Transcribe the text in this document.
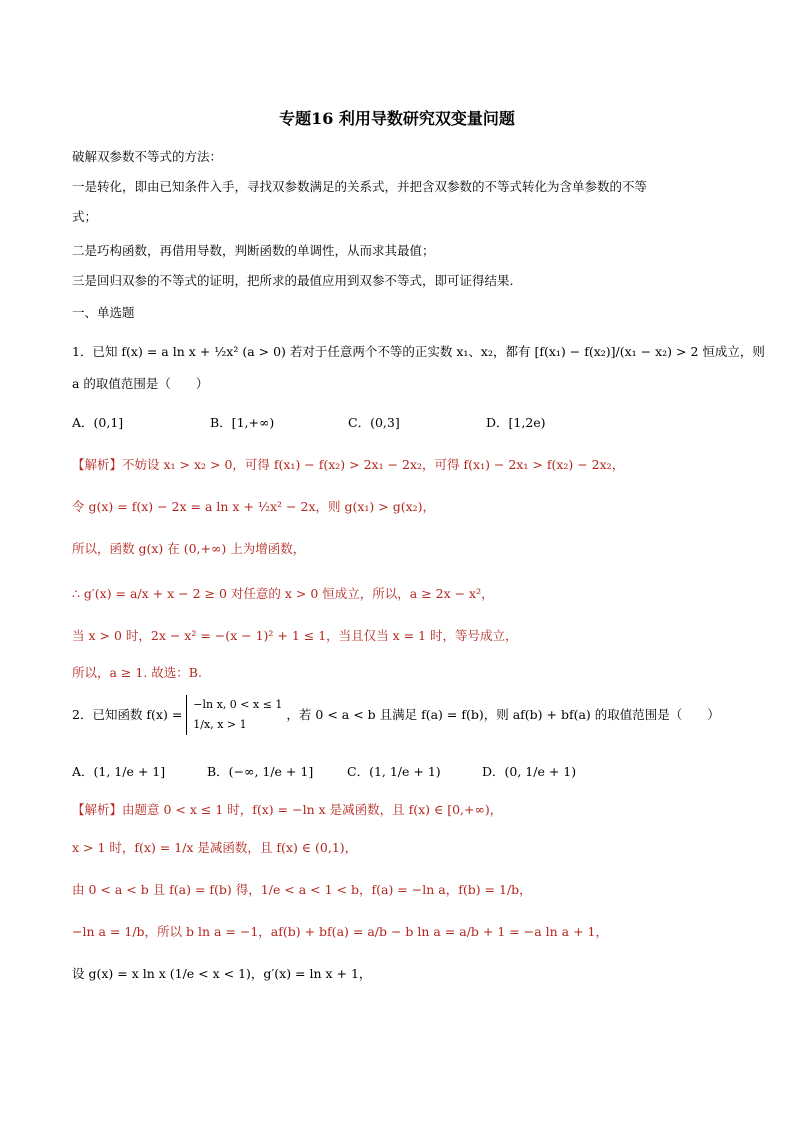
专题16 利用导数研究双变量问题
破解双参数不等式的方法：
一是转化，即由已知条件入手，寻找双参数满足的关系式，并把含双参数的不等式转化为含单参数的不等
式；
二是巧构函数，再借用导数，判断函数的单调性，从而求其最值；
三是回归双参的不等式的证明，把所求的最值应用到双参不等式，即可证得结果.
一、单选题
1．已知 f(x) = a ln x + ½x² (a > 0) 若对于任意两个不等的正实数 x₁、x₂，都有 [f(x₁) − f(x₂)]/(x₁ − x₂) > 2 恒成立，则
a 的取值范围是（　　）
A．(0,1]	B．[1,+∞)	C．(0,3]	D．[1,2e)
【解析】不妨设 x₁ > x₂ > 0，可得 f(x₁) − f(x₂) > 2x₁ − 2x₂，可得 f(x₁) − 2x₁ > f(x₂) − 2x₂，
令 g(x) = f(x) − 2x = a ln x + ½x² − 2x，则 g(x₁) > g(x₂)，
所以，函数 g(x) 在 (0,+∞) 上为增函数，
∴ g′(x) = a/x + x − 2 ≥ 0 对任意的 x > 0 恒成立，所以，a ≥ 2x − x²，
当 x > 0 时，2x − x² = −(x − 1)² + 1 ≤ 1，当且仅当 x = 1 时，等号成立，
所以，a ≥ 1. 故选：B.
2．已知函数 f(x) =
−ln x, 0 < x ≤ 1
1/x, x > 1
，若 0 < a < b 且满足 f(a) = f(b)，则 af(b) + bf(a) 的取值范围是（　　）
A．(1, 1/e + 1]	B．(−∞, 1/e + 1]	C．(1, 1/e + 1)	D．(0, 1/e + 1)
【解析】由题意 0 < x ≤ 1 时，f(x) = −ln x 是减函数，且 f(x) ∈ [0,+∞)，
x > 1 时，f(x) = 1/x 是减函数，且 f(x) ∈ (0,1)，
由 0 < a < b 且 f(a) = f(b) 得，1/e < a < 1 < b，f(a) = −ln a，f(b) = 1/b，
−ln a = 1/b，所以 b ln a = −1，af(b) + bf(a) = a/b − b ln a = a/b + 1 = −a ln a + 1，
设 g(x) = x ln x (1/e < x < 1)，g′(x) = ln x + 1，
